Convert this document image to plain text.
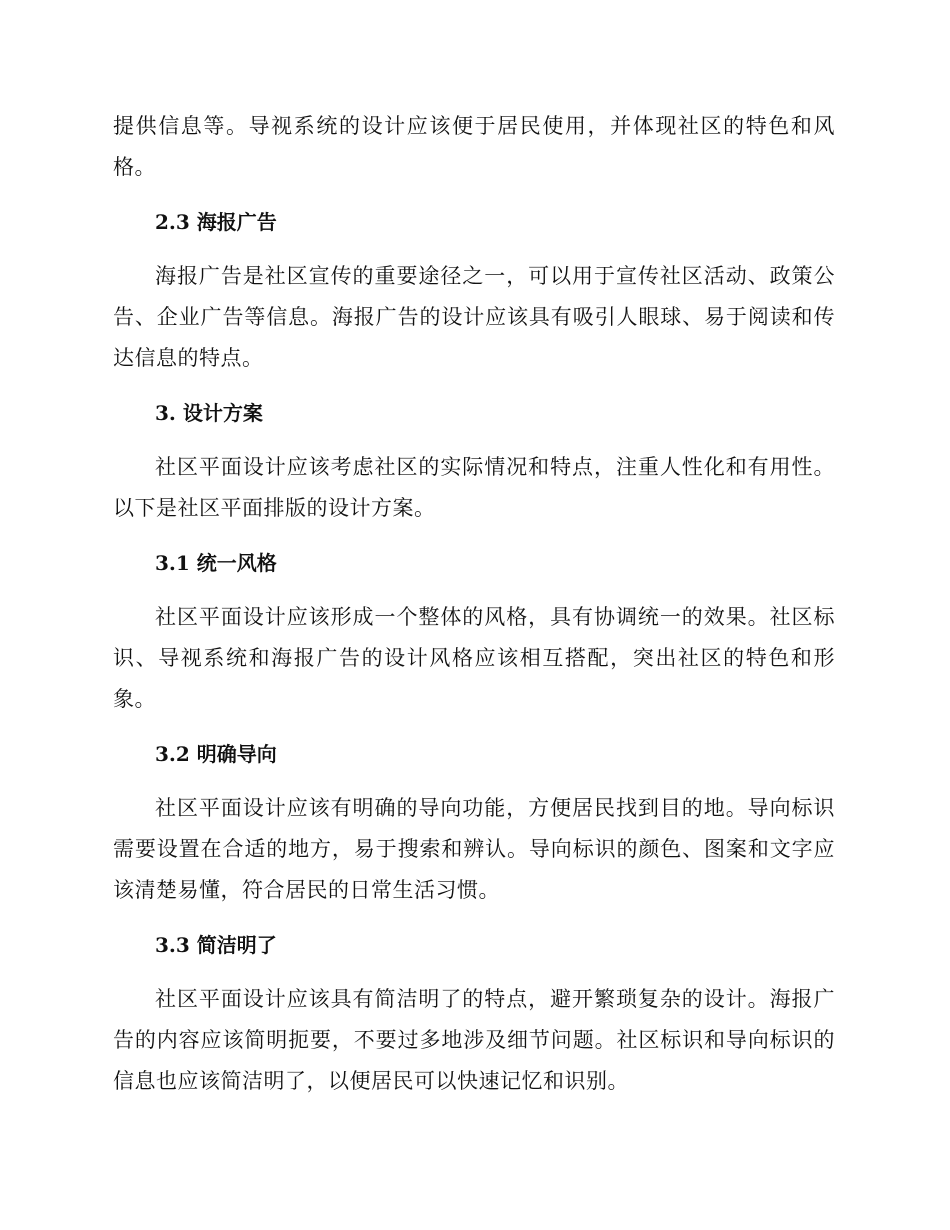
提供信息等。导视系统的设计应该便于居民使用，并体现社区的特色和风格。

2.3 海报广告

海报广告是社区宣传的重要途径之一，可以用于宣传社区活动、政策公告、企业广告等信息。海报广告的设计应该具有吸引人眼球、易于阅读和传达信息的特点。

3. 设计方案

社区平面设计应该考虑社区的实际情况和特点，注重人性化和有用性。以下是社区平面排版的设计方案。

3.1 统一风格

社区平面设计应该形成一个整体的风格，具有协调统一的效果。社区标识、导视系统和海报广告的设计风格应该相互搭配，突出社区的特色和形象。

3.2 明确导向

社区平面设计应该有明确的导向功能，方便居民找到目的地。导向标识需要设置在合适的地方，易于搜索和辨认。导向标识的颜色、图案和文字应该清楚易懂，符合居民的日常生活习惯。

3.3 简洁明了

社区平面设计应该具有简洁明了的特点，避开繁琐复杂的设计。海报广告的内容应该简明扼要，不要过多地涉及细节问题。社区标识和导向标识的信息也应该简洁明了，以便居民可以快速记忆和识别。
